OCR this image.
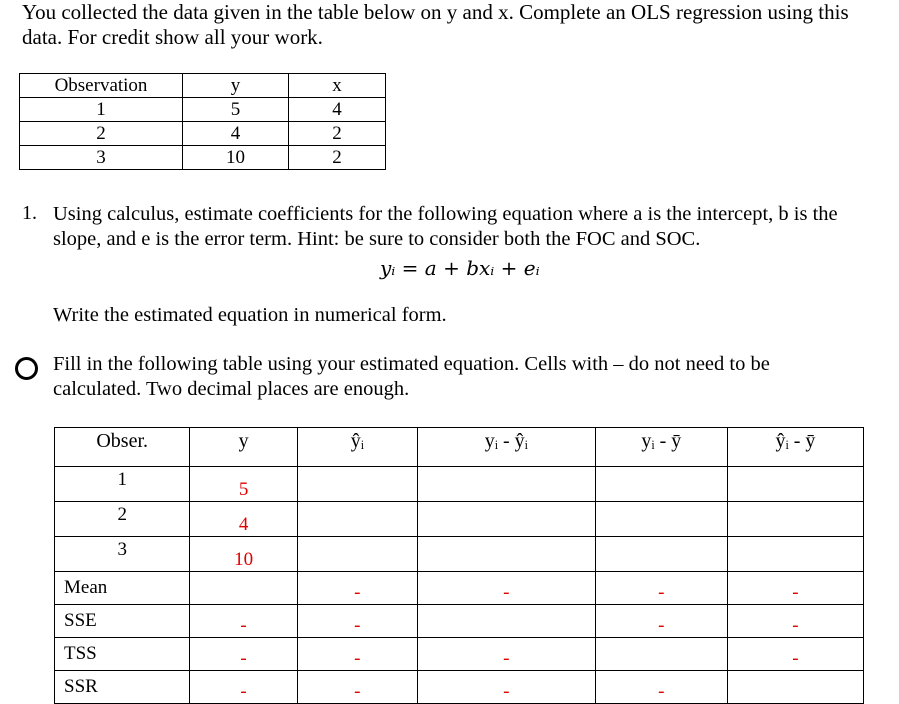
You collected the data given in the table below on y and x. Complete an OLS regression using this data. For credit show all your work.
Observation	y	x
1	5	4
2	4	2
3	10	2
1. Using calculus, estimate coefficients for the following equation where a is the intercept, b is the slope, and e is the error term. Hint: be sure to consider both the FOC and SOC.
yᵢ = a + bxᵢ + eᵢ
Write the estimated equation in numerical form.
Fill in the following table using your estimated equation. Cells with – do not need to be calculated. Two decimal places are enough.
Obser.	y	ŷᵢ	yᵢ - ŷᵢ	yᵢ - ȳ	ŷᵢ - ȳ
1	5				

2	4				

3	10				

Mean		-	-	-	-

SSE	-	-		-	-

TSS	-	-	-		-

SSR	-	-	-	-	
